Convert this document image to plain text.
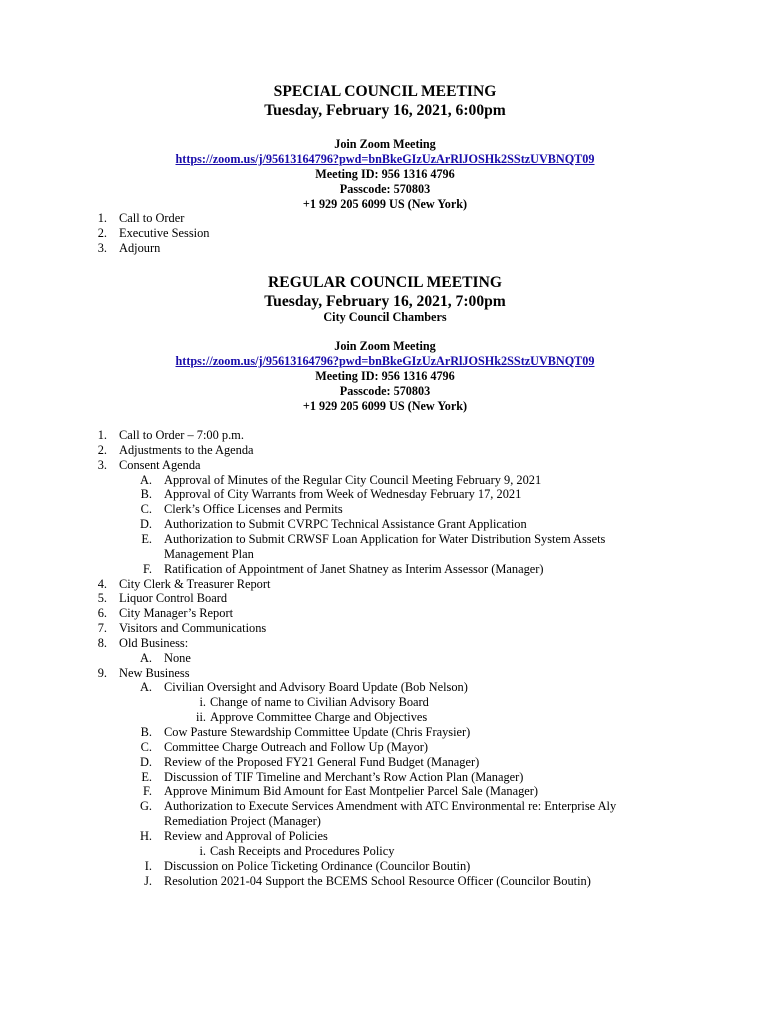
SPECIAL COUNCIL MEETING
Tuesday, February 16, 2021, 6:00pm
Join Zoom Meeting
https://zoom.us/j/95613164796?pwd=bnBkeGIzUzArRlJOSHk2SStzUVBNQT09
Meeting ID: 956 1316 4796
Passcode: 570803
+1 929 205 6099 US (New York)
1. Call to Order
2. Executive Session
3. Adjourn
REGULAR COUNCIL MEETING
Tuesday, February 16, 2021, 7:00pm
City Council Chambers
Join Zoom Meeting
https://zoom.us/j/95613164796?pwd=bnBkeGIzUzArRlJOSHk2SStzUVBNQT09
Meeting ID: 956 1316 4796
Passcode: 570803
+1 929 205 6099 US (New York)
1. Call to Order – 7:00 p.m.
2. Adjustments to the Agenda
3. Consent Agenda
A. Approval of Minutes of the Regular City Council Meeting February 9, 2021
B. Approval of City Warrants from Week of Wednesday February 17, 2021
C. Clerk’s Office Licenses and Permits
D. Authorization to Submit CVRPC Technical Assistance Grant Application
E. Authorization to Submit CRWSF Loan Application for Water Distribution System Assets
Management Plan
F. Ratification of Appointment of Janet Shatney as Interim Assessor (Manager)
4. City Clerk & Treasurer Report
5. Liquor Control Board
6. City Manager’s Report
7. Visitors and Communications
8. Old Business:
A. None
9. New Business
A. Civilian Oversight and Advisory Board Update (Bob Nelson)
i. Change of name to Civilian Advisory Board
ii. Approve Committee Charge and Objectives
B. Cow Pasture Stewardship Committee Update (Chris Fraysier)
C. Committee Charge Outreach and Follow Up (Mayor)
D. Review of the Proposed FY21 General Fund Budget (Manager)
E. Discussion of TIF Timeline and Merchant’s Row Action Plan (Manager)
F. Approve Minimum Bid Amount for East Montpelier Parcel Sale (Manager)
G. Authorization to Execute Services Amendment with ATC Environmental re: Enterprise Aly
Remediation Project (Manager)
H. Review and Approval of Policies
i. Cash Receipts and Procedures Policy
I. Discussion on Police Ticketing Ordinance (Councilor Boutin)
J. Resolution 2021-04 Support the BCEMS School Resource Officer (Councilor Boutin)
